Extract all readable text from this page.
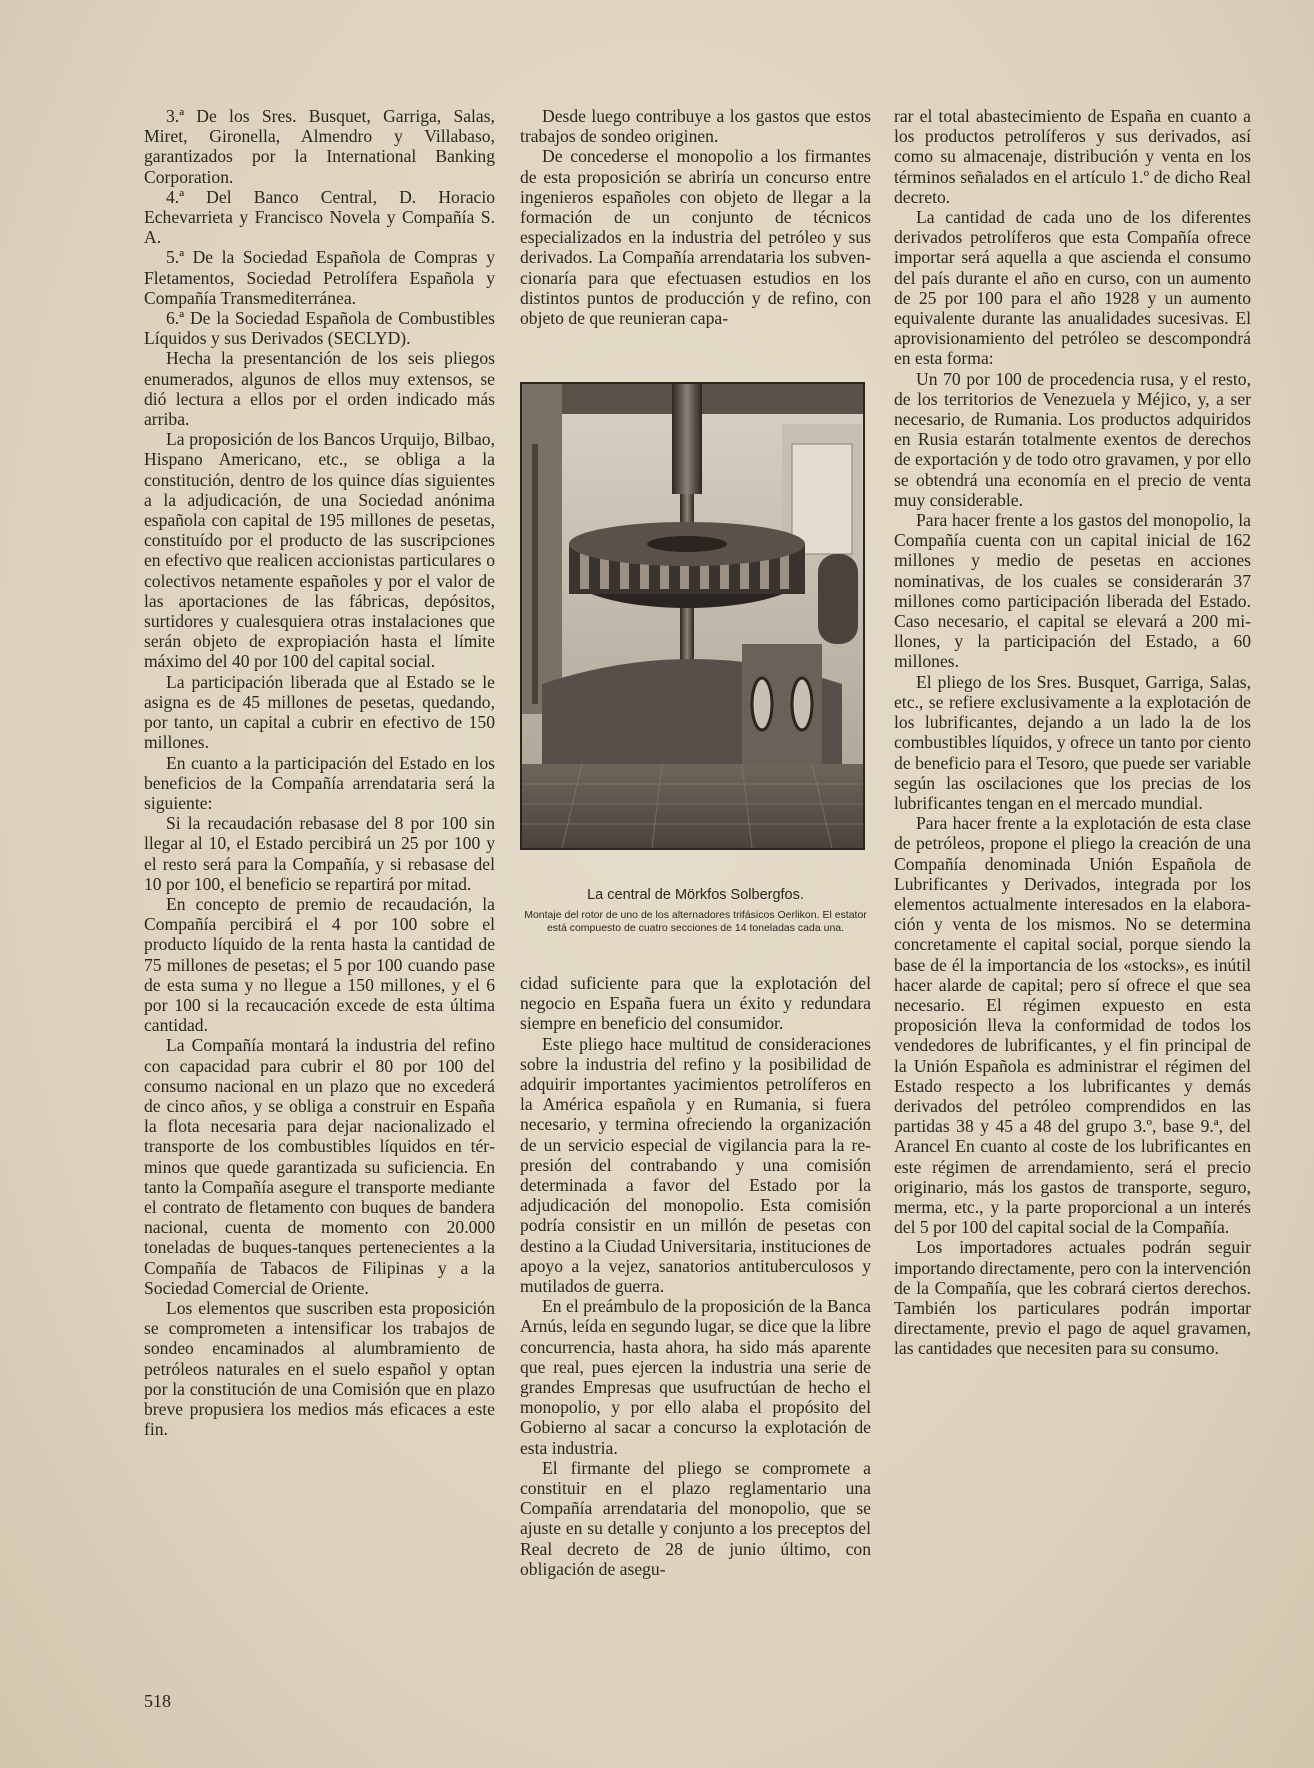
3.ª De los Sres. Busquet, Garriga, Salas, Miret, Gironella, Almendro y Villabaso, garantizados por la International Banking Corporation.

4.ª Del Banco Central, D. Horacio Echevarrieta y Francisco Novela y Compañía S. A.

5.ª De la Sociedad Española de Compras y Fletamentos, Sociedad Petrolífera Española y Compañía Transmediterránea.

6.ª De la Sociedad Española de Combustibles Líquidos y sus Derivados (SECLYD).

Hecha la presentanción de los seis pliegos enumerados, algunos de ellos muy extensos, se dió lectura a ellos por el orden indicado más arriba.

La proposición de los Bancos Urquijo, Bilbao, Hispano Americano, etc., se obliga a la constitución, dentro de los quince días siguientes a la adjudicación, de una Sociedad anónima española con capital de 195 millones de pesetas, constituído por el producto de las suscripciones en efectivo que realicen accionistas particulares o colectivos netamente españoles y por el valor de las aportaciones de las fábricas, depósitos, surtidores y cualesquiera otras instalaciones que serán objeto de expropiación hasta el límite máximo del 40 por 100 del capital social.

La participación liberada que al Estado se le asigna es de 45 millones de pesetas, quedando, por tanto, un capital a cubrir en efectivo de 150 millones.

En cuanto a la participación del Estado en los beneficios de la Compañía arrendataria será la siguiente:

Si la recaudación rebasase del 8 por 100 sin llegar al 10, el Estado percibirá un 25 por 100 y el resto será para la Compañía, y si rebasase del 10 por 100, el beneficio se repartirá por mitad.

En concepto de premio de recaudación, la Compañía percibirá el 4 por 100 sobre el producto líquido de la renta hasta la cantidad de 75 millones de pesetas; el 5 por 100 cuando pase de esta suma y no llegue a 150 millones, y el 6 por 100 si la recaucación excede de esta última cantidad.

La Compañía montará la industria del refino con capacidad para cubrir el 80 por 100 del consumo nacional en un plazo que no excederá de cinco años, y se obliga a construir en España la flota necesaria para dejar nacionalizado el transporte de los combustibles líquidos en términos que quede garantizada su suficiencia. En tanto la Compañía asegure el transporte mediante el contrato de fletamento con buques de bandera nacional, cuenta de momento con 20.000 toneladas de buques-tanques pertenecientes a la Compañía de Tabacos de Filipinas y a la Sociedad Comercial de Oriente.

Los elementos que suscriben esta proposición se comprometen a intensificar los trabajos de sondeo encaminados al alumbramiento de petróleos naturales en el suelo español y optan por la constitución de una Comisión que en plazo breve propusiera los medios más eficaces a este fin.

Desde luego contribuye a los gastos que estos trabajos de sondeo originen.

De concederse el monopolio a los firmantes de esta proposición se abriría un concurso entre ingenieros españoles con objeto de llegar a la formación de un conjunto de técnicos especializados en la industria del petróleo y sus derivados. La Compañía arrendataria los subvencionaría para que efectuasen estudios en los distintos puntos de producción y de refino, con objeto de que reunieran capa-

La central de Mörkfos Solbergfos.
Montaje del rotor de uno de los alternadores trifásicos Oerlikon. El estator está compuesto de cuatro secciones de 14 toneladas cada una.

cidad suficiente para que la explotación del negocio en España fuera un éxito y redundara siempre en beneficio del consumidor.

Este pliego hace multitud de consideraciones sobre la industria del refino y la posibilidad de adquirir importantes yacimientos petrolíferos en la América española y en Rumania, si fuera necesario, y termina ofreciendo la organización de un servicio especial de vigilancia para la represión del contrabando y una comisión determinada a favor del Estado por la adjudicación del monopolio. Esta comisión podría consistir en un millón de pesetas con destino a la Ciudad Universitaria, instituciones de apoyo a la vejez, sanatorios antituberculosos y mutilados de guerra.

En el preámbulo de la proposición de la Banca Arnús, leída en segundo lugar, se dice que la libre concurrencia, hasta ahora, ha sido más aparente que real, pues ejercen la industria una serie de grandes Empresas que usufructúan de hecho el monopolio, y por ello alaba el propósito del Gobierno al sacar a concurso la explotación de esta industria.

El firmante del pliego se compromete a constituir en el plazo reglamentario una Compañía arrendataria del monopolio, que se ajuste en su detalle y conjunto a los preceptos del Real decreto de 28 de junio último, con obligación de asegu-

rar el total abastecimiento de España en cuanto a los productos petrolíferos y sus derivados, así como su almacenaje, distribución y venta en los términos señalados en el artículo 1.º de dicho Real decreto.

La cantidad de cada uno de los diferentes derivados petrolíferos que esta Compañía ofrece importar será aquella a que ascienda el consumo del país durante el año en curso, con un aumento de 25 por 100 para el año 1928 y un aumento equivalente durante las anualidades sucesivas. El aprovisionamiento del petróleo se descompondrá en esta forma:

Un 70 por 100 de procedencia rusa, y el resto, de los territorios de Venezuela y Méjico, y, a ser necesario, de Rumania. Los productos adquiridos en Rusia estarán totalmente exentos de derechos de exportación y de todo otro gravamen, y por ello se obtendrá una economía en el precio de venta muy considerable.

Para hacer frente a los gastos del monopolio, la Compañía cuenta con un capital inicial de 162 millones y medio de pesetas en acciones nominativas, de los cuales se considerarán 37 millones como participación liberada del Estado. Caso necesario, el capital se elevará a 200 millones, y la participación del Estado, a 60 millones.

El pliego de los Sres. Busquet, Garriga, Salas, etc., se refiere exclusivamente a la explotación de los lubrificantes, dejando a un lado la de los combustibles líquidos, y ofrece un tanto por ciento de beneficio para el Tesoro, que puede ser variable según las oscilaciones que los precias de los lubrificantes tengan en el mercado mundial.

Para hacer frente a la explotación de esta clase de petróleos, propone el pliego la creación de una Compañía denominada Unión Española de Lubrificantes y Derivados, integrada por los elementos actualmente interesados en la elaboración y venta de los mismos. No se determina concretamente el capital social, porque siendo la base de él la importancia de los «stocks», es inútil hacer alarde de capital; pero sí ofrece el que sea necesario. El régimen expuesto en esta proposición lleva la conformidad de todos los vendedores de lubrificantes, y el fin principal de la Unión Española es administrar el régimen del Estado respecto a los lubrificantes y demás derivados del petróleo comprendidos en las partidas 38 y 45 a 48 del grupo 3.º, base 9.ª, del Arancel En cuanto al coste de los lubrificantes en este régimen de arrendamiento, será el precio originario, más los gastos de transporte, seguro, merma, etc., y la parte proporcional a un interés del 5 por 100 del capital social de la Compañía.

Los importadores actuales podrán seguir importando directamente, pero con la intervención de la Compañía, que les cobrará ciertos derechos. También los particulares podrán importar directamente, previo el pago de aquel gravamen, las cantidades que necesiten para su consumo.

518
